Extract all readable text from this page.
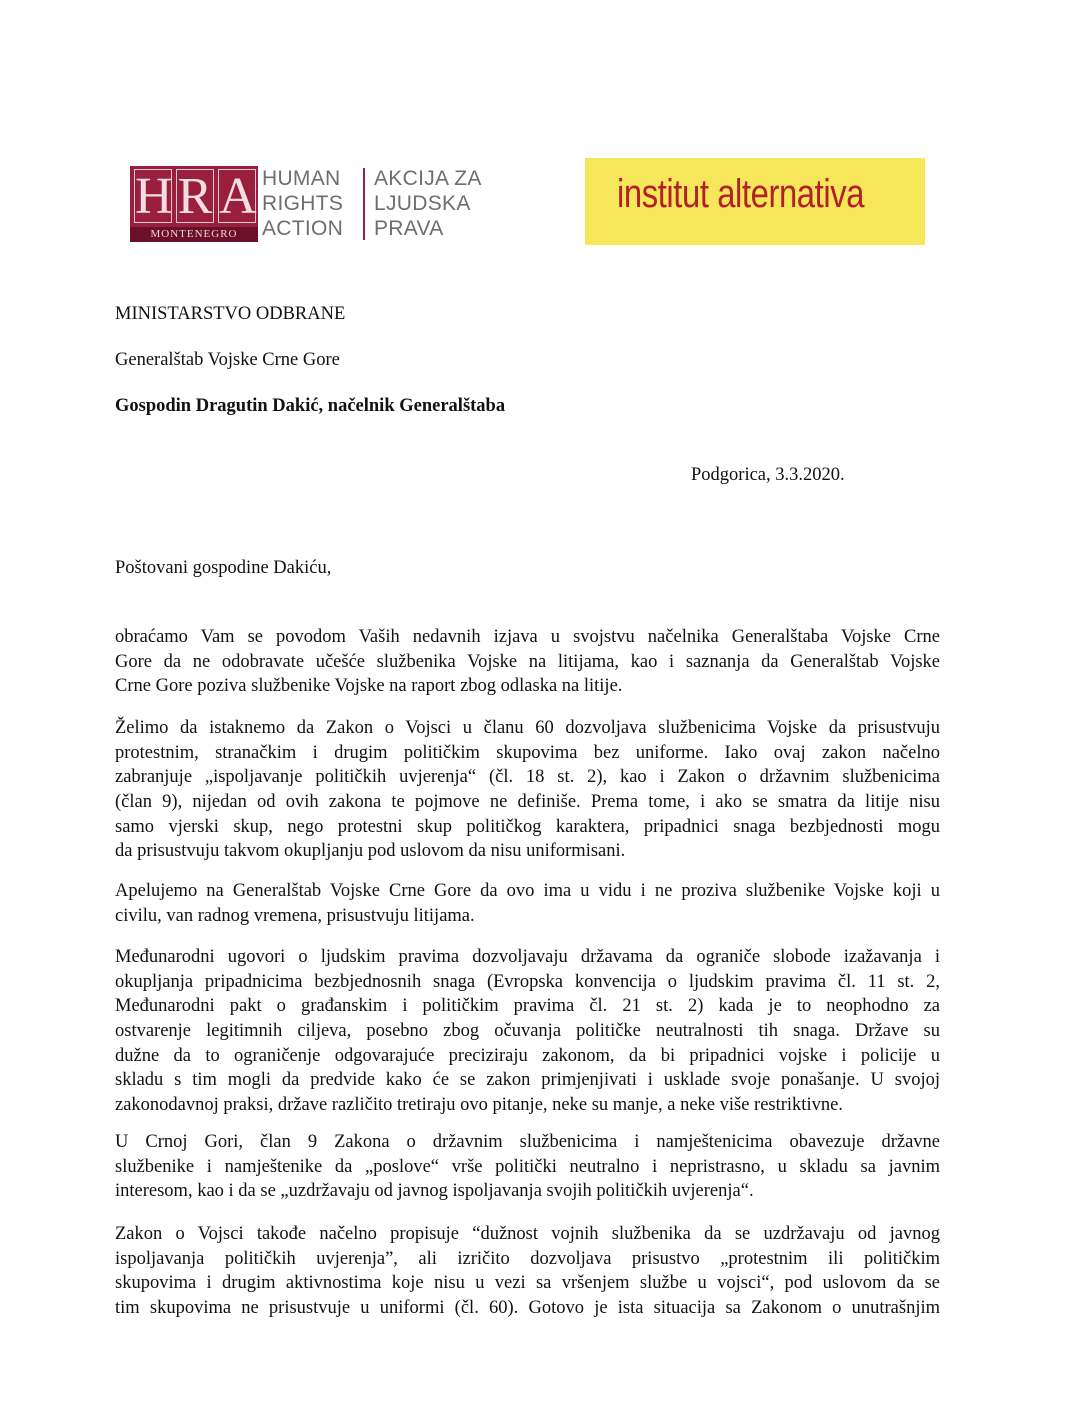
H R A
MONTENEGRO
HUMAN
RIGHTS
ACTION
AKCIJA ZA
LJUDSKA
PRAVA
institut alternativa
MINISTARSTVO ODBRANE
Generalštab Vojske Crne Gore
Gospodin Dragutin Dakić, načelnik Generalštaba
Podgorica, 3.3.2020.
Poštovani gospodine Dakiću,
obraćamo Vam se povodom Vaših nedavnih izjava u svojstvu načelnika Generalštaba Vojske Crne
Gore da ne odobravate učešće službenika Vojske na litijama, kao i saznanja da Generalštab Vojske
Crne Gore poziva službenike Vojske na raport zbog odlaska na litije.
Želimo da istaknemo da Zakon o Vojsci u članu 60 dozvoljava službenicima Vojske da prisustvuju
protestnim, stranačkim i drugim političkim skupovima bez uniforme. Iako ovaj zakon načelno
zabranjuje „ispoljavanje političkih uvjerenja“ (čl. 18 st. 2), kao i Zakon o državnim službenicima
(član 9), nijedan od ovih zakona te pojmove ne definiše. Prema tome, i ako se smatra da litije nisu
samo vjerski skup, nego protestni skup političkog karaktera, pripadnici snaga bezbjednosti mogu
da prisustvuju takvom okupljanju pod uslovom da nisu uniformisani.
Apelujemo na Generalštab Vojske Crne Gore da ovo ima u vidu i ne proziva službenike Vojske koji u
civilu, van radnog vremena, prisustvuju litijama.
Međunarodni ugovori o ljudskim pravima dozvoljavaju državama da ograniče slobode izažavanja i
okupljanja pripadnicima bezbjednosnih snaga (Evropska konvencija o ljudskim pravima čl. 11 st. 2,
Međunarodni pakt o građanskim i političkim pravima čl. 21 st. 2) kada je to neophodno za
ostvarenje legitimnih ciljeva, posebno zbog očuvanja političke neutralnosti tih snaga. Države su
dužne da to ograničenje odgovarajuće preciziraju zakonom, da bi pripadnici vojske i policije u
skladu s tim mogli da predvide kako će se zakon primjenjivati i usklade svoje ponašanje. U svojoj
zakonodavnoj praksi, države različito tretiraju ovo pitanje, neke su manje, a neke više restriktivne.
U Crnoj Gori, član 9 Zakona o državnim službenicima i namještenicima obavezuje državne
službenike i namještenike da „poslove“ vrše politički neutralno i nepristrasno, u skladu sa javnim
interesom, kao i da se „uzdržavaju od javnog ispoljavanja svojih političkih uvjerenja“.
Zakon o Vojsci takođe načelno propisuje “dužnost vojnih službenika da se uzdržavaju od javnog
ispoljavanja političkih uvjerenja”, ali izričito dozvoljava prisustvo „protestnim ili političkim
skupovima i drugim aktivnostima koje nisu u vezi sa vršenjem službe u vojsci“, pod uslovom da se
tim skupovima ne prisustvuje u uniformi (čl. 60). Gotovo je ista situacija sa Zakonom o unutrašnjim
